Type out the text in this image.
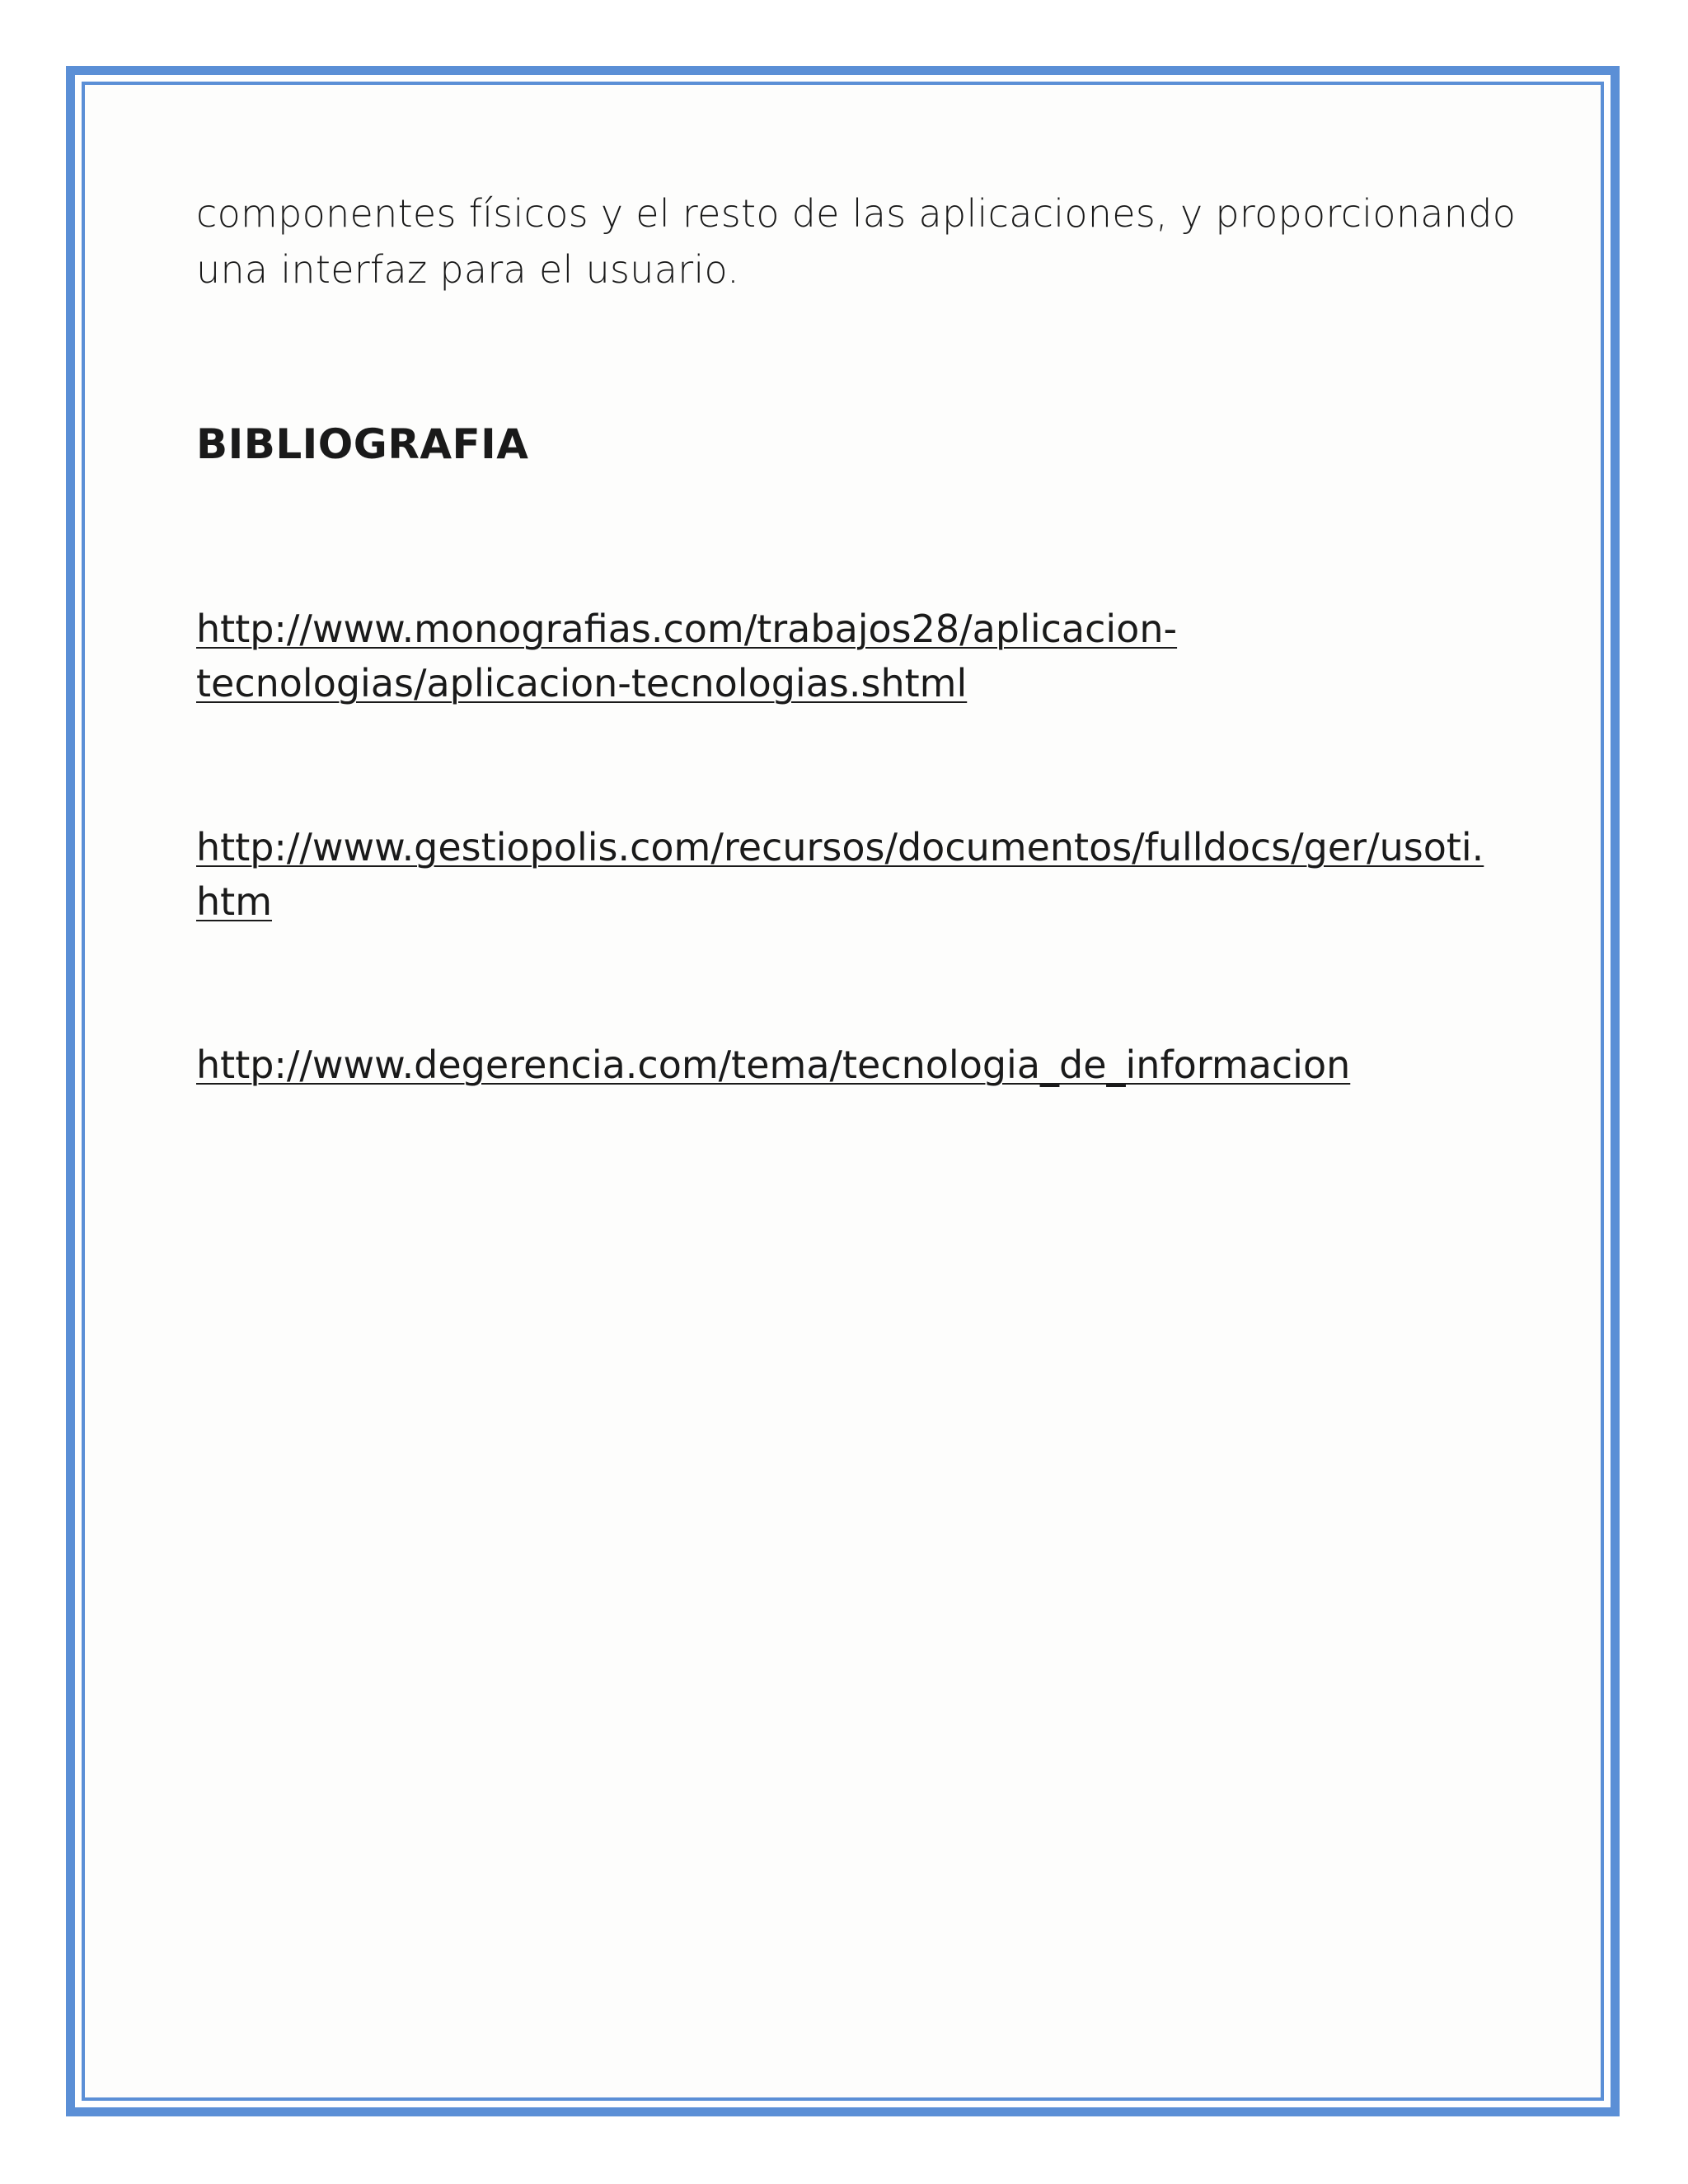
componentes físicos y el resto de las aplicaciones, y proporcionando
una interfaz para el usuario.

BIBLIOGRAFIA
http://www.monografias.com/trabajos28/aplicacion-
tecnologias/aplicacion-tecnologias.shtml
http://www.gestiopolis.com/recursos/documentos/fulldocs/ger/usoti.
htm
http://www.degerencia.com/tema/tecnologia_de_informacion
